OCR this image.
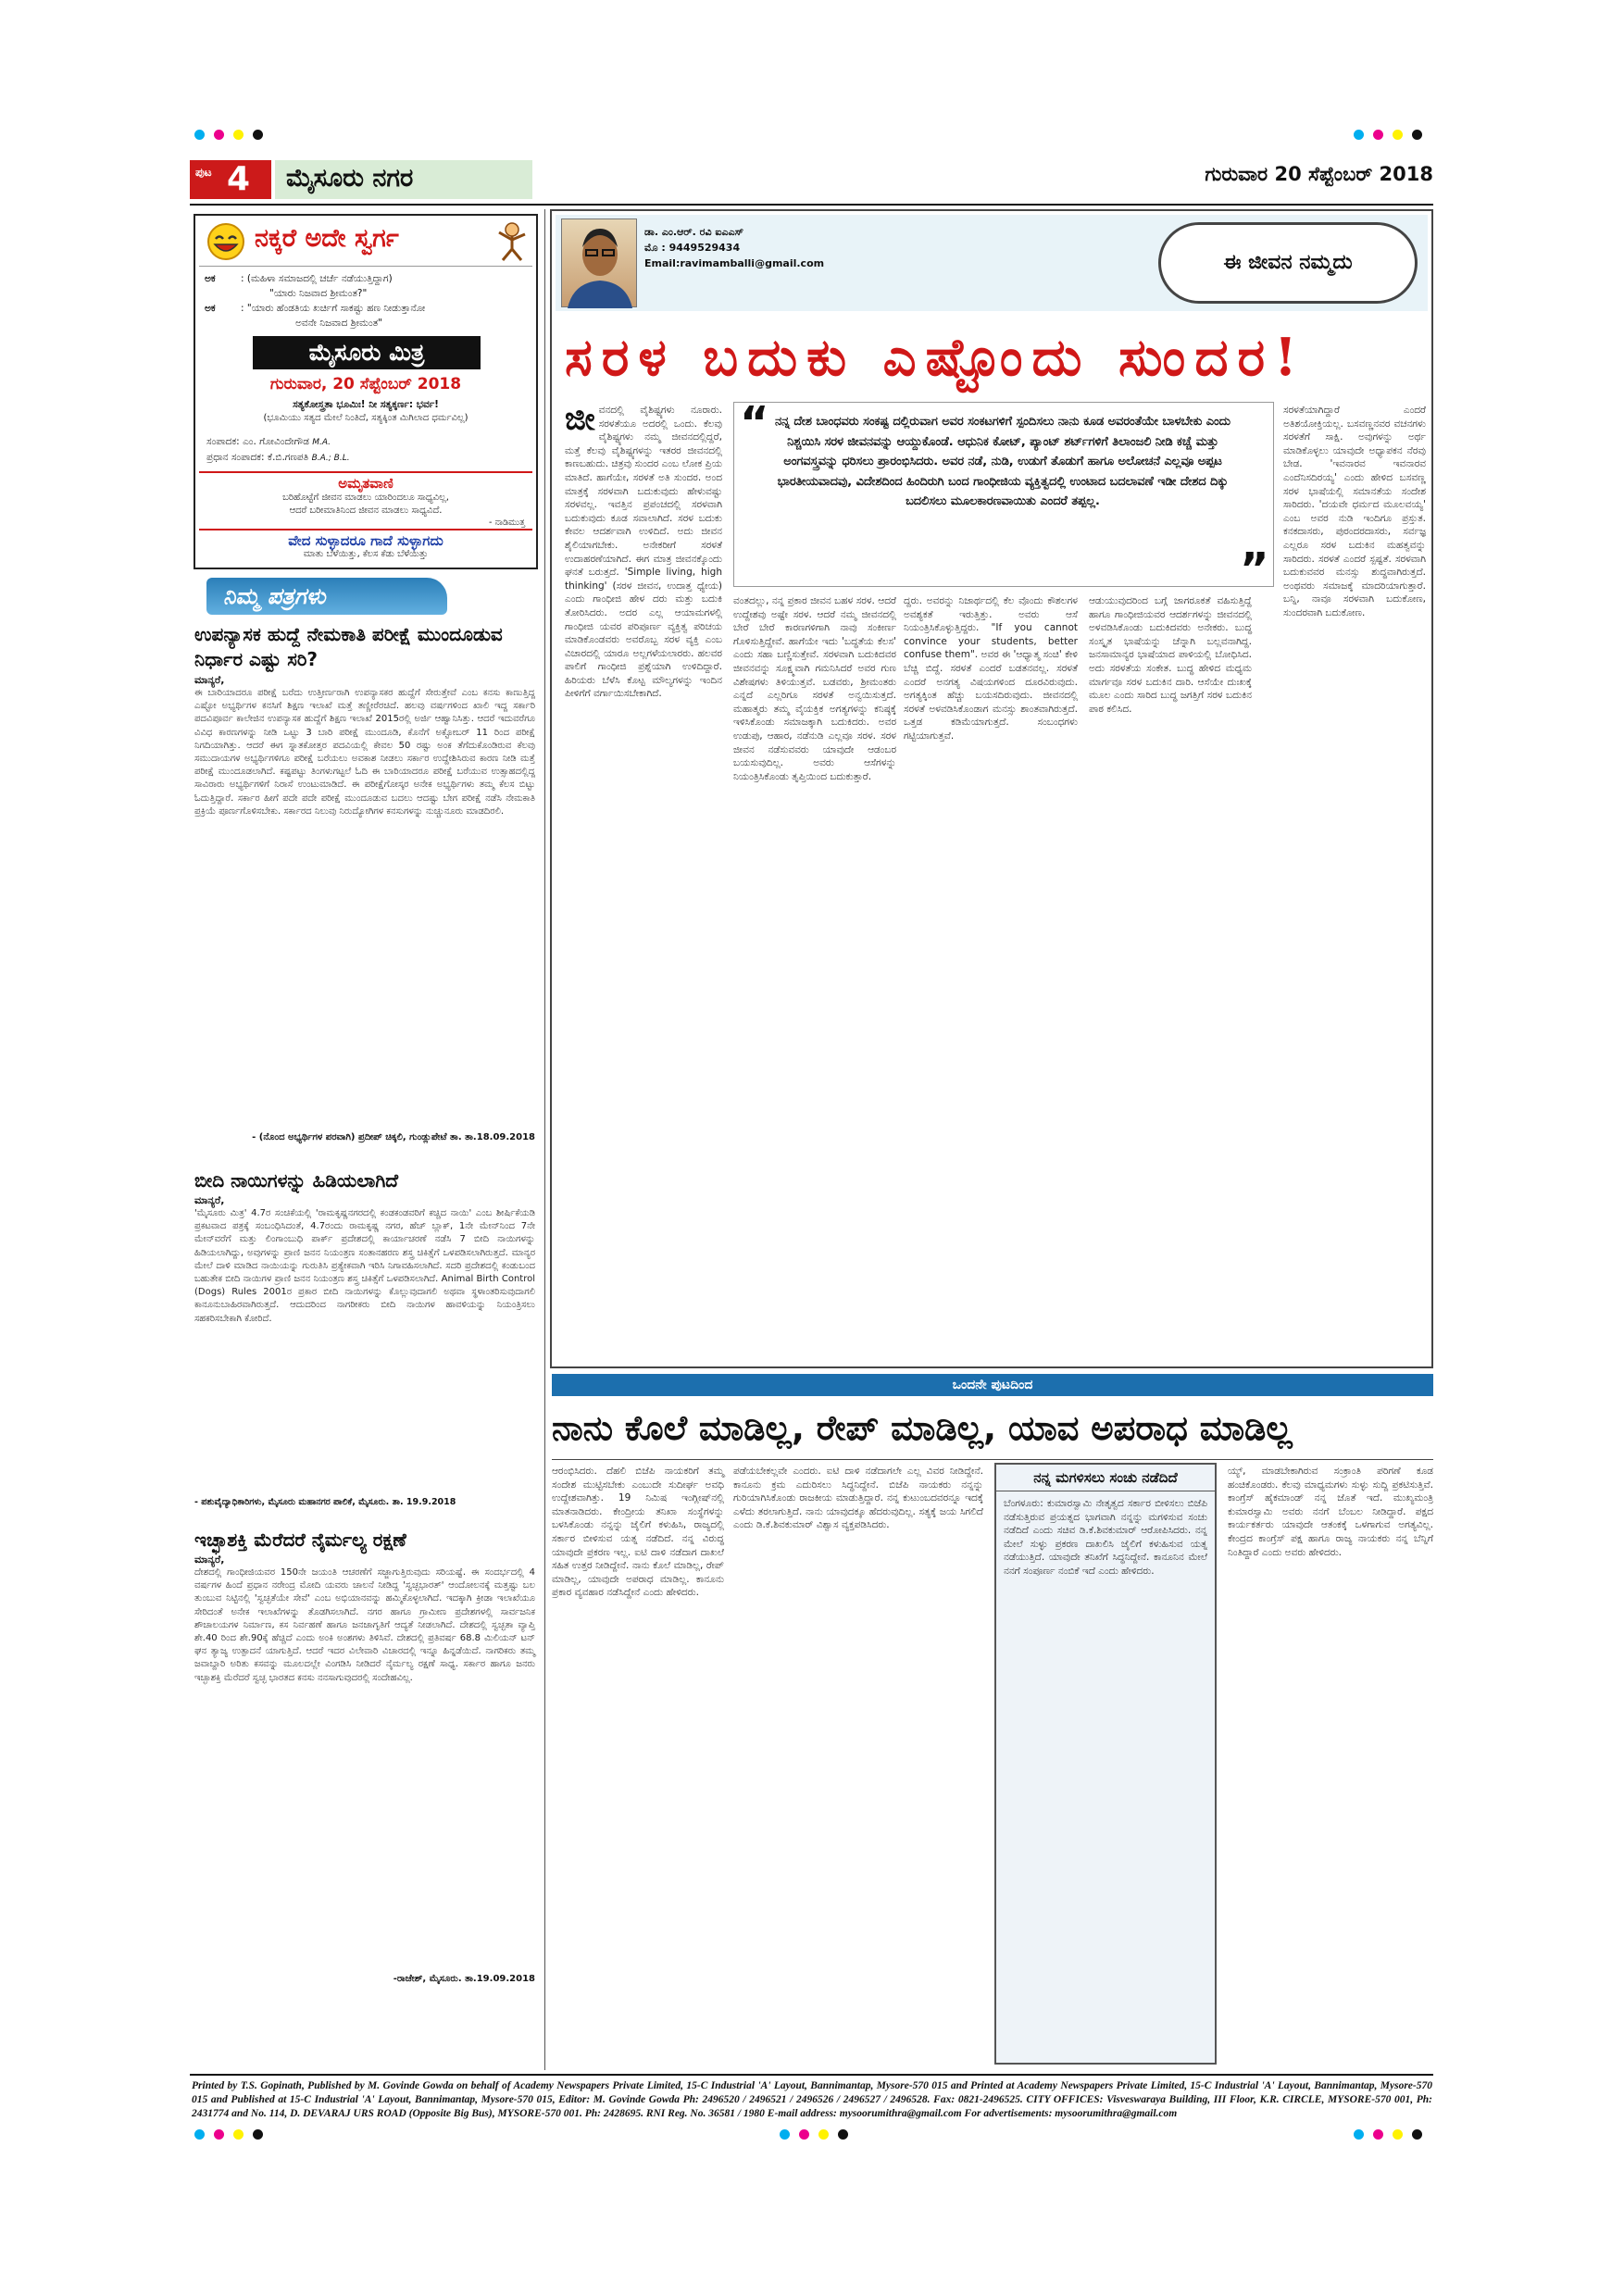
ಪುಟ 4 ಮೈಸೂರು ನಗರ	ಗುರುವಾರ 20 ಸೆಪ್ಟೆಂಬರ್ 2018
ನಕ್ಕರೆ ಅದೇ ಸ್ವರ್ಗ
ಅಕ	: (ಮಹಿಳಾ ಸಮಾಜದಲ್ಲಿ ಚರ್ಚೆ ನಡೆಯುತ್ತಿದ್ದಾಗ)
"ಯಾರು ನಿಜವಾದ ಶ್ರೀಮಂತ?"
ಅಕ	: "ಯಾರು ಹೆಂಡತಿಯ ಖರ್ಚಿಗೆ ಸಾಕಷ್ಟು ಹಣ ನೀಡುತ್ತಾನೋ
ಅವನೇ ನಿಜವಾದ ಶ್ರೀಮಂತ"
ಮೈಸೂರು ಮಿತ್ರ
ಗುರುವಾರ, 20 ಸೆಪ್ಟೆಂಬರ್ 2018
ಸತ್ಯಕೋಸ್ತ್ರತಾ ಭೂಮಿಃ! ನೀ ಸತ್ಯಕ್ಕರ್ಣ: ಭರ್ವ!
(ಭೂಮಿಯು ಸತ್ಯದ ಮೇಲೆ ನಿಂತಿದೆ, ಸತ್ಯಕ್ಕಿಂತ ಮಿಗಿಲಾದ ಧರ್ಮವಿಲ್ಲ)
ಸಂಪಾದಕ: ಎಂ. ಗೋವಿಂದೇಗೌಡ M.A.
ಪ್ರಧಾನ ಸಂಪಾದಕ: ಕೆ.ಬಿ.ಗಣಪತಿ B.A.; B.L.
ಅಮೃತವಾಣಿ
ಬರಿಹೊಟ್ಟೆಗೆ ಜೀವನ ಮಾಡಲು ಯಾರಿಂದಲೂ ಸಾಧ್ಯವಿಲ್ಲ,
ಆದರೆ ಬರೀಮಾತಿನಿಂದ ಜೀವನ ಮಾಡಲು ಸಾಧ್ಯವಿದೆ.
- ನಾಡಿಮುತ್ತ
ವೇದ ಸುಳ್ಳಾದರೂ ಗಾದೆ ಸುಳ್ಳಾಗದು
ಮಾತು ಬೆಳೆಯಿತ್ತು, ಕೆಲಸ ಕೆಡು ಬೆಳೆಯಿತ್ತು
ನಿಮ್ಮ ಪತ್ರಗಳು
ಉಪನ್ಯಾಸಕ ಹುದ್ದೆ ನೇಮಕಾತಿ ಪರೀಕ್ಷೆ ಮುಂದೂಡುವ ನಿರ್ಧಾರ ಎಷ್ಟು ಸರಿ?
ಮಾನ್ಯರೆ,
ಈ ಬಾರಿಯಾದರೂ ಪರೀಕ್ಷೆ ಬರೆದು ಉತ್ತೀರ್ಣರಾಗಿ ಉಪನ್ಯಾಸಕರ ಹುದ್ದೆಗೆ ಸೇರುತ್ತೇವೆ ಎಂಬ ಕನಸು ಕಾಣುತ್ತಿದ್ದ ಎಷ್ಟೋ ಅಭ್ಯರ್ಥಿಗಳ ಕನಸಿಗೆ ಶಿಕ್ಷಣ ಇಲಾಖೆ ಮತ್ತೆ ತಣ್ಣೀರೆರಚಿದೆ. ಹಲವು ವರ್ಷಗಳಿಂದ ಖಾಲಿ ಇದ್ದ ಸರ್ಕಾರಿ ಪದವಿಪೂರ್ವ ಕಾಲೇಜಿನ ಉಪನ್ಯಾಸಕ ಹುದ್ದೆಗೆ ಶಿಕ್ಷಣ ಇಲಾಖೆ 2015ರಲ್ಲಿ ಅರ್ಜಿ ಆಹ್ವಾನಿಸಿತ್ತು. ಆದರೆ ಇದುವರೆಗೂ ವಿವಿಧ ಕಾರಣಗಳನ್ನು ನೀಡಿ ಒಟ್ಟು 3 ಬಾರಿ ಪರೀಕ್ಷೆ ಮುಂದೂಡಿ, ಕೊನೆಗೆ ಅಕ್ಟೋಬರ್ 11 ರಿಂದ ಪರೀಕ್ಷೆ ನಿಗದಿಯಾಗಿತ್ತು. ಆದರೆ ಈಗ ಸ್ನಾತಕೋತ್ತರ ಪದವಿಯಲ್ಲಿ ಕೇವಲ 50 ರಷ್ಟು ಅಂಕ ತೆಗೆದುಕೊಂಡಿರುವ ಕೆಲವು ಸಮುದಾಯಗಳ ಅಭ್ಯರ್ಥಿಗಳಿಗೂ ಪರೀಕ್ಷೆ ಬರೆಯಲು ಅವಕಾಶ ನೀಡಲು ಸರ್ಕಾರ ಉದ್ದೇಶಿಸಿರುವ ಕಾರಣ ನೀಡಿ ಮತ್ತೆ ಪರೀಕ್ಷೆ ಮುಂದೂಡಲಾಗಿದೆ. ಕಷ್ಟಪಟ್ಟು ತಿಂಗಳುಗಟ್ಟಲೆ ಓದಿ ಈ ಬಾರಿಯಾದರೂ ಪರೀಕ್ಷೆ ಬರೆಯುವ ಉತ್ಸಾಹದಲ್ಲಿದ್ದ ಸಾವಿರಾರು ಅಭ್ಯರ್ಥಿಗಳಿಗೆ ನಿರಾಸೆ ಉಂಟುಮಾಡಿದೆ. ಈ ಪರೀಕ್ಷೆಗೋಸ್ಕರ ಅನೇಕ ಅಭ್ಯರ್ಥಿಗಳು ತಮ್ಮ ಕೆಲಸ ಬಿಟ್ಟು ಓದುತ್ತಿದ್ದಾರೆ. ಸರ್ಕಾರ ಹೀಗೆ ಪದೇ ಪದೇ ಪರೀಕ್ಷೆ ಮುಂದೂಡುವ ಬದಲು ಆದಷ್ಟು ಬೇಗ ಪರೀಕ್ಷೆ ನಡೆಸಿ ನೇಮಕಾತಿ ಪ್ರಕ್ರಿಯೆ ಪೂರ್ಣಗೊಳಿಸಬೇಕು. ಸರ್ಕಾರದ ನಿಲುವು ನಿರುದ್ಯೋಗಿಗಳ ಕನಸುಗಳನ್ನು ನುಚ್ಚುನೂರು ಮಾಡದಿರಲಿ.
- (ನೊಂದ ಅಭ್ಯರ್ಥಿಗಳ ಪರವಾಗಿ) ಪ್ರದೀಪ್ ಚಿಕ್ಕಲಿ, ಗುಂಡ್ಲುಪೇಟೆ ತಾ. ತಾ.18.09.2018
ಬೀದಿ ನಾಯಿಗಳನ್ನು ಹಿಡಿಯಲಾಗಿದೆ
ಮಾನ್ಯರೆ,
'ಮೈಸೂರು ಮಿತ್ರ' 4.7ರ ಸಂಚಿಕೆಯಲ್ಲಿ 'ರಾಮಕೃಷ್ಣನಗರದಲ್ಲಿ ಕಂಡಕಂಡವರಿಗೆ ಕಚ್ಚಿದ ನಾಯಿ' ಎಂಬ ಶೀರ್ಷಿಕೆಯಡಿ ಪ್ರಕಟವಾದ ಪತ್ರಕ್ಕೆ ಸಂಬಂಧಿಸಿದಂತೆ, 4.7ರಂದು ರಾಮಕೃಷ್ಣ ನಗರ, ಹೆಚ್ ಬ್ಲಾಕ್, 1ನೇ ಮೇನ್‌ನಿಂದ 7ನೇ ಮೇನ್‌ವರೆಗೆ ಮತ್ತು ಲಿಂಗಾಂಬುಧಿ ಪಾರ್ಕ್ ಪ್ರದೇಶದಲ್ಲಿ ಕಾರ್ಯಾಚರಣೆ ನಡೆಸಿ 7 ಬೀದಿ ನಾಯಿಗಳನ್ನು ಹಿಡಿಯಲಾಗಿದ್ದು, ಅವುಗಳನ್ನು ಪ್ರಾಣಿ ಜನನ ನಿಯಂತ್ರಣ ಸಂತಾನಹರಣ ಶಸ್ತ್ರ ಚಿಕಿತ್ಸೆಗೆ ಒಳಪಡಿಸಲಾಗಿರುತ್ತದೆ. ಮಾನ್ಯರ ಮೇಲೆ ದಾಳಿ ಮಾಡಿದ ನಾಯಿಯನ್ನು ಗುರುತಿಸಿ ಪ್ರತ್ಯೇಕವಾಗಿ ಇರಿಸಿ ನಿಗಾವಹಿಸಲಾಗಿದೆ. ಸದರಿ ಪ್ರದೇಶದಲ್ಲಿ ಕಂಡುಬಂದ ಬಹುತೇಕ ಬೀದಿ ನಾಯಿಗಳ ಪ್ರಾಣಿ ಜನನ ನಿಯಂತ್ರಣ ಶಸ್ತ್ರ ಚಿಕಿತ್ಸೆಗೆ ಒಳಪಡಿಸಲಾಗಿದೆ. Animal Birth Control (Dogs) Rules 2001ರ ಪ್ರಕಾರ ಬೀದಿ ನಾಯಿಗಳನ್ನು ಕೊಲ್ಲುವುದಾಗಲಿ ಅಥವಾ ಸ್ಥಳಾಂತರಿಸುವುದಾಗಲಿ ಕಾನೂನುಬಾಹಿರವಾಗಿರುತ್ತದೆ. ಆದುದರಿಂದ ನಾಗರೀಕರು ಬೀದಿ ನಾಯಿಗಳ ಹಾವಳಿಯನ್ನು ನಿಯಂತ್ರಿಸಲು ಸಹಕರಿಸಬೇಕಾಗಿ ಕೋರಿದೆ.
- ಪಶುವೈದ್ಯಾಧಿಕಾರಿಗಳು, ಮೈಸೂರು ಮಹಾನಗರ ಪಾಲಿಕೆ, ಮೈಸೂರು. ತಾ. 19.9.2018
ಇಚ್ಛಾಶಕ್ತಿ ಮೆರೆದರೆ ನೈರ್ಮಲ್ಯ ರಕ್ಷಣೆ
ಮಾನ್ಯರೆ,
ದೇಶದಲ್ಲಿ ಗಾಂಧೀಜಿಯವರ 150ನೇ ಜಯಂತಿ ಆಚರಣೆಗೆ ಸಜ್ಜಾಗುತ್ತಿರುವುದು ಸರಿಯಷ್ಟೆ. ಈ ಸಂದರ್ಭದಲ್ಲಿ 4 ವರ್ಷಗಳ ಹಿಂದೆ ಪ್ರಧಾನ ನರೇಂದ್ರ ಮೋದಿ ಯವರು ಚಾಲನೆ ನೀಡಿದ್ದ 'ಸ್ವಚ್ಛಭಾರತ್' ಆಂದೋಲನಕ್ಕೆ ಮತ್ತಷ್ಟು ಬಲ ತುಂಬುವ ನಿಟ್ಟಿನಲ್ಲಿ 'ಸ್ವಚ್ಛತೆಯೇ ಸೇವೆ' ಎಂಬ ಅಭಿಯಾನವನ್ನು ಹಮ್ಮಿಕೊಳ್ಳಲಾಗಿದೆ. ಇದಕ್ಕಾಗಿ ಕ್ರೀಡಾ ಇಲಾಖೆಯೂ ಸೇರಿದಂತೆ ಅನೇಕ ಇಲಾಖೆಗಳನ್ನು ತೊಡಗಿಸಲಾಗಿದೆ. ನಗರ ಹಾಗೂ ಗ್ರಾಮೀಣ ಪ್ರದೇಶಗಳಲ್ಲಿ ಸಾರ್ವಜನಿಕ ಶೌಚಾಲಯಗಳ ನಿರ್ಮಾಣ, ಕಸ ನಿರ್ವಹಣೆ ಹಾಗೂ ಜನಜಾಗೃತಿಗೆ ಆದ್ಯತೆ ನೀಡಲಾಗಿದೆ. ದೇಶದಲ್ಲಿ ಸ್ವಚ್ಛತಾ ವ್ಯಾಪ್ತಿ ಶೇ.40 ರಿಂದ ಶೇ.90ಕ್ಕೆ ಹೆಚ್ಚಿದೆ ಎಂದು ಅಂಕಿ ಅಂಶಗಳು ತಿಳಿಸಿವೆ. ದೇಶದಲ್ಲಿ ಪ್ರತಿವರ್ಷ 68.8 ಮಿಲಿಯನ್ ಟನ್ ಘನ ತ್ಯಾಜ್ಯ ಉತ್ಪಾದನೆ ಯಾಗುತ್ತಿದೆ. ಆದರೆ ಇದರ ವಿಲೇವಾರಿ ವಿಚಾರದಲ್ಲಿ ಇನ್ನೂ ಹಿನ್ನಡೆಯಿದೆ. ನಾಗರಿಕರು ತಮ್ಮ ಜವಾಬ್ದಾರಿ ಅರಿತು ಕಸವನ್ನು ಮೂಲದಲ್ಲೇ ವಿಂಗಡಿಸಿ ನೀಡಿದರೆ ನೈರ್ಮಲ್ಯ ರಕ್ಷಣೆ ಸಾಧ್ಯ. ಸರ್ಕಾರ ಹಾಗೂ ಜನರು ಇಚ್ಛಾಶಕ್ತಿ ಮೆರೆದರೆ ಸ್ವಚ್ಛ ಭಾರತದ ಕನಸು ನನಸಾಗುವುದರಲ್ಲಿ ಸಂದೇಹವಿಲ್ಲ.
-ರಾಜೇಶ್, ಮೈಸೂರು. ತಾ.19.09.2018
ಡಾ. ಎಂ.ಆರ್. ರವಿ ಐಎಎಸ್
ಮೊ : 9449529434
Email:ravimamballi@gmail.com	ಈ ಜೀವನ ನಮ್ಮದು
ಸರಳ ಬದುಕು ಎಷ್ಟೊಂದು ಸುಂದರ!
ಜೀ ವನದಲ್ಲಿ ವೈಶಿಷ್ಟ್ಯಗಳು ನೂರಾರು. ಸರಳತೆಯೂ ಅದರಲ್ಲಿ ಒಂದು. ಕೆಲವು ವೈಶಿಷ್ಟ್ಯಗಳು ನಮ್ಮ ಜೀವನದಲ್ಲಿದ್ದರೆ, ಮತ್ತೆ ಕೆಲವು ವೈಶಿಷ್ಟ್ಯಗಳನ್ನು ಇತರರ ಜೀವನದಲ್ಲಿ ಕಾಣಬಹುದು. ಚಿತ್ರವು ಸುಂದರ ಎಂಬ ಲೋಕ ಪ್ರಿಯ ಮಾತಿದೆ. ಹಾಗೆಯೇ, ಸರಳತೆ ಅತಿ ಸುಂದರ. ಅಂದ ಮಾತ್ರಕ್ಕೆ ಸರಳವಾಗಿ ಬದುಕುವುದು ಹೇಳುವಷ್ಟು ಸರಳವಲ್ಲ. ಇವತ್ತಿನ ಪ್ರಪಂಚದಲ್ಲಿ ಸರಳವಾಗಿ ಬದುಕುವುದು ಕೂಡ ಸವಾಲಾಗಿದೆ. ಸರಳ ಬದುಕು ಕೇವಲ ಆದರ್ಶವಾಗಿ ಉಳಿದಿದೆ. ಅದು ಜೀವನ ಶೈಲಿಯಾಗಬೇಕು. ಅನೇಕರೀಗೆ ಸರಳತೆ ಉದಾಹರಣೆಯಾಗಿದೆ. ಈಗ ಮಾತ್ರ ಜೀವನಕ್ಕೊಂದು ಘನತೆ ಬರುತ್ತದೆ. 'Simple living, high thinking' (ಸರಳ ಜೀವನ, ಉದಾತ್ತ ಧ್ಯೇಯ) ಎಂದು ಗಾಂಧೀಜಿ ಹೇಳ ದರು ಮತ್ತು ಬದುಕಿ ತೋರಿಸಿದರು. ಅದರ ಎಲ್ಲ ಆಯಾಮಗಳಲ್ಲಿ ಗಾಂಧೀಜಿ ಯವರ ಪರಿಪೂರ್ಣ ವ್ಯಕ್ತಿತ್ವ ಪರಿಚಯ ಮಾಡಿಕೊಂಡವರು ಅವರೊಬ್ಬ ಸರಳ ವ್ಯಕ್ತಿ ಎಂಬ ವಿಚಾರದಲ್ಲಿ ಯಾರೂ ಅಲ್ಲಗಳೆಯಲಾರರು. ಹಲವರ ಪಾಲಿಗೆ ಗಾಂಧೀಜಿ ಪ್ರಶ್ನೆಯಾಗಿ ಉಳಿದಿದ್ದಾರೆ. ಹಿರಿಯರು ಬೆಳೆಸಿ ಕೊಟ್ಟ ಮೌಲ್ಯಗಳನ್ನು ಇಂದಿನ ಪೀಳಿಗೆಗೆ ವರ್ಗಾಯಿಸಬೇಕಾಗಿದೆ.
“ ನನ್ನ ದೇಶ ಬಾಂಧವರು ಸಂಕಷ್ಟ ದಲ್ಲಿರುವಾಗ ಅವರ ಸಂಕಟಗಳಿಗೆ ಸ್ಪಂದಿಸಲು ನಾನು ಕೂಡ ಅವರಂತೆಯೇ ಬಾಳಬೇಕು ಎಂದು ನಿಶ್ಚಯಿಸಿ ಸರಳ ಜೀವನವನ್ನು ಆಯ್ದುಕೊಂಡೆ. ಆಧುನಿಕ ಕೋಟ್, ಪ್ಯಾಂಟ್ ಶರ್ಟ್‌ಗಳಿಗೆ ತಿಲಾಂಜಲಿ ನೀಡಿ ಕಚ್ಚೆ ಮತ್ತು ಅಂಗವಸ್ತ್ರವನ್ನು ಧರಿಸಲು ಪ್ರಾರಂಭಿಸಿದರು. ಅವರ ನಡೆ, ನುಡಿ, ಉಡುಗೆ ತೊಡುಗೆ ಹಾಗೂ ಅಲೋಚನೆ ಎಲ್ಲವೂ ಅಪ್ಪಟ ಭಾರತೀಯವಾದವು, ವಿದೇಶದಿಂದ ಹಿಂದಿರುಗಿ ಬಂದ ಗಾಂಧೀಜಿಯ ವ್ಯಕ್ತಿತ್ವದಲ್ಲಿ ಉಂಟಾದ ಬದಲಾವಣೆ ಇಡೀ ದೇಶದ ದಿಕ್ಕು ಬದಲಿಸಲು ಮೂಲಕಾರಣವಾಯಿತು ಎಂದರೆ ತಪ್ಪಲ್ಲ.
”
ವಂತದಲ್ಲು, ನನ್ನ ಪ್ರಕಾರ ಜೀವನ ಬಹಳ ಸರಳ. ಆದರೆ ಉದ್ದೇಶವು ಅಷ್ಟೇ ಸರಳ. ಆದರೆ ನಮ್ಮ ಜೀವನದಲ್ಲಿ ಬೇರೆ ಬೇರೆ ಕಾರಣಗಳಿಗಾಗಿ ನಾವು ಸಂಕೀರ್ಣ ಗೊಳಿಸುತ್ತಿದ್ದೇವೆ. ಹಾಗೆಯೇ ಇದು 'ಬದ್ಧತೆಯ ಕೆಲಸ' ಎಂದು ಸಹಾ ಬಣ್ಣಿಸುತ್ತೇವೆ. ಸರಳವಾಗಿ ಬದುಕಿದವರ ಜೀವನವನ್ನು ಸೂಕ್ಷ್ಮವಾಗಿ ಗಮನಿಸಿದರೆ ಅವರ ಗುಣ ವಿಶೇಷಗಳು ತಿಳಿಯುತ್ತವೆ. ಬಡವರು, ಶ್ರೀಮಂತರು ಎನ್ನದೆ ಎಲ್ಲರಿಗೂ ಸರಳತೆ ಅನ್ವಯಿಸುತ್ತದೆ. ಮಹಾತ್ಮರು ತಮ್ಮ ವೈಯಕ್ತಿಕ ಅಗತ್ಯಗಳನ್ನು ಕನಿಷ್ಠಕ್ಕೆ ಇಳಿಸಿಕೊಂಡು ಸಮಾಜಕ್ಕಾಗಿ ಬದುಕಿದರು. ಅವರ ಉಡುಪು, ಆಹಾರ, ನಡೆನುಡಿ ಎಲ್ಲವೂ ಸರಳ. ಸರಳ ಜೀವನ ನಡೆಸುವವರು ಯಾವುದೇ ಆಡಂಬರ ಬಯಸುವುದಿಲ್ಲ. ಅವರು ಆಸೆಗಳನ್ನು ನಿಯಂತ್ರಿಸಿಕೊಂಡು ತೃಪ್ತಿಯಿಂದ ಬದುಕುತ್ತಾರೆ.
ದ್ದರು. ಅವರನ್ನು ನಿಜಾರ್ಥದಲ್ಲಿ ಕೆಲ ವೊಂದು ಕೌಶಲಗಳ ಅವಶ್ಯಕತೆ ಇರುತ್ತಿತ್ತು. ಅವರು ಆಸೆ ನಿಯಂತ್ರಿಸಿಕೊಳ್ಳುತ್ತಿದ್ದರು. "If you cannot convince your students, better confuse them". ಅವರ ಈ 'ಆಧ್ಯಾತ್ಮ ಸಂಚಿ' ಕೇಳಿ ಬೆಚ್ಚಿ ಬಿದ್ದೆ. ಸರಳತೆ ಎಂದರೆ ಬಡತನವಲ್ಲ. ಸರಳತೆ ಎಂದರೆ ಅನಗತ್ಯ ವಿಷಯಗಳಿಂದ ದೂರವಿರುವುದು. ಅಗತ್ಯಕ್ಕಿಂತ ಹೆಚ್ಚು ಬಯಸದಿರುವುದು. ಜೀವನದಲ್ಲಿ ಸರಳತೆ ಅಳವಡಿಸಿಕೊಂಡಾಗ ಮನಸ್ಸು ಶಾಂತವಾಗಿರುತ್ತದೆ. ಒತ್ತಡ ಕಡಿಮೆಯಾಗುತ್ತದೆ. ಸಂಬಂಧಗಳು ಗಟ್ಟಿಯಾಗುತ್ತವೆ.
ಆಡುಯುವುದರಿಂದ ಬಗ್ಗೆ ಜಾಗರೂಕತೆ ವಹಿಸುತ್ತಿದ್ದೆ ಹಾಗೂ ಗಾಂಧೀಜಿಯವರ ಆದರ್ಶಗಳನ್ನು ಜೀವನದಲ್ಲಿ ಅಳವಡಿಸಿಕೊಂಡು ಬದುಕಿದವರು ಅನೇಕರು. ಬುದ್ಧ ಸಂಸ್ಕೃತ ಭಾಷೆಯನ್ನು ಚೆನ್ನಾಗಿ ಬಲ್ಲವನಾಗಿದ್ದ. ಜನಸಾಮಾನ್ಯರ ಭಾಷೆಯಾದ ಪಾಳಿಯಲ್ಲಿ ಬೋಧಿಸಿದ. ಅದು ಸರಳತೆಯ ಸಂಕೇತ. ಬುದ್ಧ ಹೇಳಿದ ಮಧ್ಯಮ ಮಾರ್ಗವೂ ಸರಳ ಬದುಕಿನ ದಾರಿ. ಆಸೆಯೇ ದುಃಖಕ್ಕೆ ಮೂಲ ಎಂದು ಸಾರಿದ ಬುದ್ಧ ಜಗತ್ತಿಗೆ ಸರಳ ಬದುಕಿನ ಪಾಠ ಕಲಿಸಿದ.
ಸರಳತೆಯಾಗಿದ್ದಾರೆ ಎಂದರೆ ಅತಿಶಯೋಕ್ತಿಯಲ್ಲ. ಬಸವಣ್ಣನವರ ವಚನಗಳು ಸರಳತೆಗೆ ಸಾಕ್ಷಿ. ಅವುಗಳನ್ನು ಅರ್ಥ ಮಾಡಿಕೊಳ್ಳಲು ಯಾವುದೇ ಅಧ್ಯಾಪಕನ ನೆರವು ಬೇಡ. 'ಇವನಾರವ ಇವನಾರವ ಎಂದೆನಿಸದಿರಯ್ಯ' ಎಂದು ಹೇಳಿದ ಬಸವಣ್ಣ ಸರಳ ಭಾಷೆಯಲ್ಲಿ ಸಮಾನತೆಯ ಸಂದೇಶ ಸಾರಿದರು. 'ದಯವೇ ಧರ್ಮದ ಮೂಲವಯ್ಯ' ಎಂಬ ಅವರ ನುಡಿ ಇಂದಿಗೂ ಪ್ರಸ್ತುತ. ಕನಕದಾಸರು, ಪುರಂದರದಾಸರು, ಸರ್ವಜ್ಞ ಎಲ್ಲರೂ ಸರಳ ಬದುಕಿನ ಮಹತ್ವವನ್ನು ಸಾರಿದರು. ಸರಳತೆ ಎಂದರೆ ಸ್ಪಷ್ಟತೆ. ಸರಳವಾಗಿ ಬದುಕುವವರ ಮನಸ್ಸು ಶುದ್ಧವಾಗಿರುತ್ತದೆ. ಅಂಥವರು ಸಮಾಜಕ್ಕೆ ಮಾದರಿಯಾಗುತ್ತಾರೆ. ಬನ್ನಿ, ನಾವೂ ಸರಳವಾಗಿ ಬದುಕೋಣ, ಸುಂದರವಾಗಿ ಬದುಕೋಣ.
ಒಂದನೇ ಪುಟದಿಂದ
ನಾನು ಕೊಲೆ ಮಾಡಿಲ್ಲ, ರೇಪ್ ಮಾಡಿಲ್ಲ, ಯಾವ ಅಪರಾಧ ಮಾಡಿಲ್ಲ
ಆರಂಭಿಸಿದರು. ದೆಹಲಿ ಬಿಜೆಪಿ ನಾಯಕರಿಗೆ ತಮ್ಮ ಸಂದೇಶ ಮುಟ್ಟಿಸಬೇಕು ಎಂಬುದೇ ಸುದೀರ್ಘ ಅವಧಿ ಉದ್ದೇಶವಾಗಿತ್ತು. 19 ನಿಮಿಷ ಇಂಗ್ಲೀಷ್‌ನಲ್ಲಿ ಮಾತನಾಡಿದರು. ಕೇಂದ್ರೀಯ ತನಿಖಾ ಸಂಸ್ಥೆಗಳನ್ನು ಬಳಸಿಕೊಂಡು ನನ್ನನ್ನು ಜೈಲಿಗೆ ಕಳುಹಿಸಿ, ರಾಜ್ಯದಲ್ಲಿ ಸರ್ಕಾರ ಬೀಳಿಸುವ ಯತ್ನ ನಡೆದಿದೆ. ನನ್ನ ವಿರುದ್ಧ ಯಾವುದೇ ಪ್ರಕರಣ ಇಲ್ಲ. ಐಟಿ ದಾಳಿ ನಡೆದಾಗ ದಾಖಲೆ ಸಹಿತ ಉತ್ತರ ನೀಡಿದ್ದೇನೆ. ನಾನು ಕೊಲೆ ಮಾಡಿಲ್ಲ, ರೇಪ್ ಮಾಡಿಲ್ಲ, ಯಾವುದೇ ಅಪರಾಧ ಮಾಡಿಲ್ಲ. ಕಾನೂನು ಪ್ರಕಾರ ವ್ಯವಹಾರ ನಡೆಸಿದ್ದೇನೆ ಎಂದು ಹೇಳಿದರು.
ಪಡೆಯಬೇಕಲ್ಲವೇ ಎಂದರು. ಐಟಿ ದಾಳಿ ನಡೆದಾಗಲೇ ಎಲ್ಲ ವಿವರ ನೀಡಿದ್ದೇನೆ. ಕಾನೂನು ಕ್ರಮ ಎದುರಿಸಲು ಸಿದ್ಧನಿದ್ದೇನೆ. ಬಿಜೆಪಿ ನಾಯಕರು ನನ್ನನ್ನು ಗುರಿಯಾಗಿಸಿಕೊಂಡು ರಾಜಕೀಯ ಮಾಡುತ್ತಿದ್ದಾರೆ. ನನ್ನ ಕುಟುಂಬದವರನ್ನೂ ಇದಕ್ಕೆ ಎಳೆದು ತರಲಾಗುತ್ತಿದೆ. ನಾನು ಯಾವುದಕ್ಕೂ ಹೆದರುವುದಿಲ್ಲ. ಸತ್ಯಕ್ಕೆ ಜಯ ಸಿಗಲಿದೆ ಎಂದು ಡಿ.ಕೆ.ಶಿವಕುಮಾರ್ ವಿಶ್ವಾಸ ವ್ಯಕ್ತಪಡಿಸಿದರು.
ನನ್ನ ಮಗಳಿಸಲು ಸಂಚು ನಡೆದಿದೆ
ಬೆಂಗಳೂರು: ಕುಮಾರಸ್ವಾಮಿ ನೇತೃತ್ವದ ಸರ್ಕಾರ ಬೀಳಿಸಲು ಬಿಜೆಪಿ ನಡೆಸುತ್ತಿರುವ ಪ್ರಯತ್ನದ ಭಾಗವಾಗಿ ನನ್ನನ್ನು ಮಗಳಿಸುವ ಸಂಚು ನಡೆದಿದೆ ಎಂದು ಸಚಿವ ಡಿ.ಕೆ.ಶಿವಕುಮಾರ್ ಆರೋಪಿಸಿದರು. ನನ್ನ ಮೇಲೆ ಸುಳ್ಳು ಪ್ರಕರಣ ದಾಖಲಿಸಿ ಜೈಲಿಗೆ ಕಳುಹಿಸುವ ಯತ್ನ ನಡೆಯುತ್ತಿದೆ. ಯಾವುದೇ ತನಿಖೆಗೆ ಸಿದ್ಧನಿದ್ದೇನೆ. ಕಾನೂನಿನ ಮೇಲೆ ನನಗೆ ಸಂಪೂರ್ಣ ನಂಬಿಕೆ ಇದೆ ಎಂದು ಹೇಳಿದರು.
ಯ್ಯ್, ಮಾಡಬೇಕಾಗಿರುವ ಸಂಕ್ರಾಂತಿ ಪರಿಗಣೆ ಕೂಡ ಹಂಚಿಕೊಂಡರು. ಕೆಲವು ಮಾಧ್ಯಮಗಳು ಸುಳ್ಳು ಸುದ್ದಿ ಪ್ರಕಟಿಸುತ್ತಿವೆ. ಕಾಂಗ್ರೆಸ್ ಹೈಕಮಾಂಡ್ ನನ್ನ ಜೊತೆ ಇದೆ. ಮುಖ್ಯಮಂತ್ರಿ ಕುಮಾರಸ್ವಾಮಿ ಅವರು ನನಗೆ ಬೆಂಬಲ ನೀಡಿದ್ದಾರೆ. ಪಕ್ಷದ ಕಾರ್ಯಕರ್ತರು ಯಾವುದೇ ಆತಂಕಕ್ಕೆ ಒಳಗಾಗುವ ಅಗತ್ಯವಿಲ್ಲ. ಕೇಂದ್ರದ ಕಾಂಗ್ರೆಸ್ ಪಕ್ಷ ಹಾಗೂ ರಾಜ್ಯ ನಾಯಕರು ನನ್ನ ಬೆನ್ನಿಗೆ ನಿಂತಿದ್ದಾರೆ ಎಂದು ಅವರು ಹೇಳಿದರು.
Printed by T.S. Gopinath, Published by M. Govinde Gowda on behalf of Academy Newspapers Private Limited, 15-C Industrial 'A' Layout, Bannimantap, Mysore-570 015 and Printed at Academy Newspapers Private Limited, 15-C Industrial 'A' Layout, Bannimantap, Mysore-570 015 and Published at 15-C Industrial 'A' Layout, Bannimantap, Mysore-570 015, Editor: M. Govinde Gowda Ph: 2496520 / 2496521 / 2496526 / 2496527 / 2496528. Fax: 0821-2496525. CITY OFFICES: Visveswaraya Building, III Floor, K.R. CIRCLE, MYSORE-570 001, Ph: 2431774 and No. 114, D. DEVARAJ URS ROAD (Opposite Big Bus), MYSORE-570 001. Ph: 2428695. RNI Reg. No. 36581 / 1980 E-mail address: mysoorumithra@gmail.com For advertisements: mysoorumithra@gmail.com
